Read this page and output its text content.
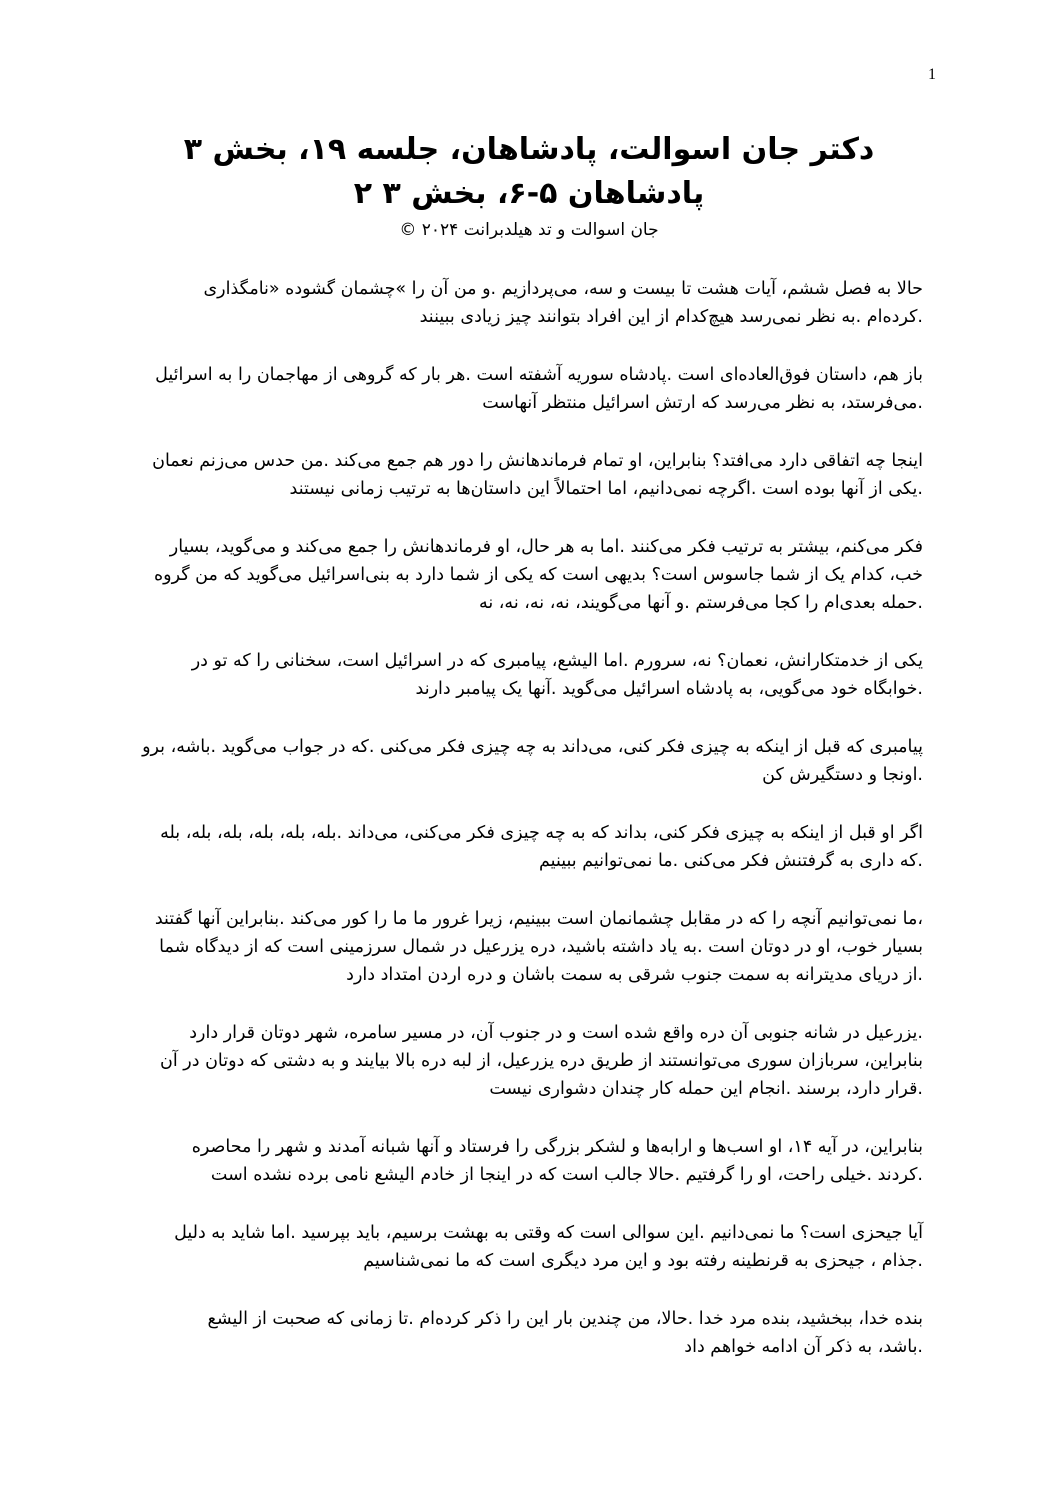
1
دکتر جان اسوالت، پادشاهان، جلسه ۱۹، بخش ۳
پادشاهان ۵-۶، بخش ۳ ۲
جان اسوالت و تد هیلدبرانت ۲۰۲۴ ©
حالا به فصل ششم، آیات هشت تا بیست و سه، می‌پردازیم .و من آن را »چشمان گشوده «نامگذاری
.کرده‌ام .به نظر نمی‌رسد هیچ‌کدام از این افراد بتوانند چیز زیادی ببینند
باز هم، داستان فوق‌العاده‌ای است .پادشاه سوریه آشفته است .هر بار که گروهی از مهاجمان را به اسرائیل
.می‌فرستد، به نظر می‌رسد که ارتش اسرائیل منتظر آنهاست
اینجا چه اتفاقی دارد می‌افتد؟ بنابراین، او تمام فرماندهانش را دور هم جمع می‌کند .من حدس می‌زنم نعمان
.یکی از آنها بوده است .اگرچه نمی‌دانیم، اما احتمالاً این داستان‌ها به ترتیب زمانی نیستند
فکر می‌کنم، بیشتر به ترتیب فکر می‌کنند .اما به هر حال، او فرماندهانش را جمع می‌کند و می‌گوید، بسیار
خب، کدام یک از شما جاسوس است؟ بدیهی است که یکی از شما دارد به بنی‌اسرائیل می‌گوید که من گروه
.حمله بعدی‌ام را کجا می‌فرستم .و آنها می‌گویند، نه، نه، نه، نه
یکی از خدمتکارانش، نعمان؟ نه، سرورم .اما الیشع، پیامبری که در اسرائیل است، سخنانی را که تو در
.خوابگاه خود می‌گویی، به پادشاه اسرائیل می‌گوید .آنها یک پیامبر دارند
پیامبری که قبل از اینکه به چیزی فکر کنی، می‌داند به چه چیزی فکر می‌کنی .که در جواب می‌گوید .باشه، برو
.اونجا و دستگیرش کن
اگر او قبل از اینکه به چیزی فکر کنی، بداند که به چه چیزی فکر می‌کنی، می‌داند .بله، بله، بله، بله، بله، بله
.که داری به گرفتنش فکر می‌کنی .ما نمی‌توانیم ببینیم
،ما نمی‌توانیم آنچه را که در مقابل چشمانمان است ببینیم، زیرا غرور ما ما را کور می‌کند .بنابراین آنها گفتند
بسیار خوب، او در دوتان است .به یاد داشته باشید، دره یزرعیل در شمال سرزمینی است که از دیدگاه شما
.از دریای مدیترانه به سمت جنوب شرقی به سمت باشان و دره اردن امتداد دارد
.یزرعیل در شانه جنوبی آن دره واقع شده است و در جنوب آن، در مسیر سامره، شهر دوتان قرار دارد
بنابراین، سربازان سوری می‌توانستند از طریق دره یزرعیل، از لبه دره بالا بیایند و به دشتی که دوتان در آن
.قرار دارد، برسند .انجام این حمله کار چندان دشواری نیست
بنابراین، در آیه ۱۴، او اسب‌ها و ارابه‌ها و لشکر بزرگی را فرستاد و آنها شبانه آمدند و شهر را محاصره
.کردند .خیلی راحت، او را گرفتیم .حالا جالب است که در اینجا از خادم الیشع نامی برده نشده است
آیا جیحزی است؟ ما نمی‌دانیم .این سوالی است که وقتی به بهشت برسیم، باید بپرسید .اما شاید به دلیل
.جذام ، جیحزی به قرنطینه رفته بود و این مرد دیگری است که ما نمی‌شناسیم
بنده خدا، ببخشید، بنده مرد خدا .حالا، من چندین بار این را ذکر کرده‌ام .تا زمانی که صحبت از الیشع
.باشد، به ذکر آن ادامه خواهم داد
